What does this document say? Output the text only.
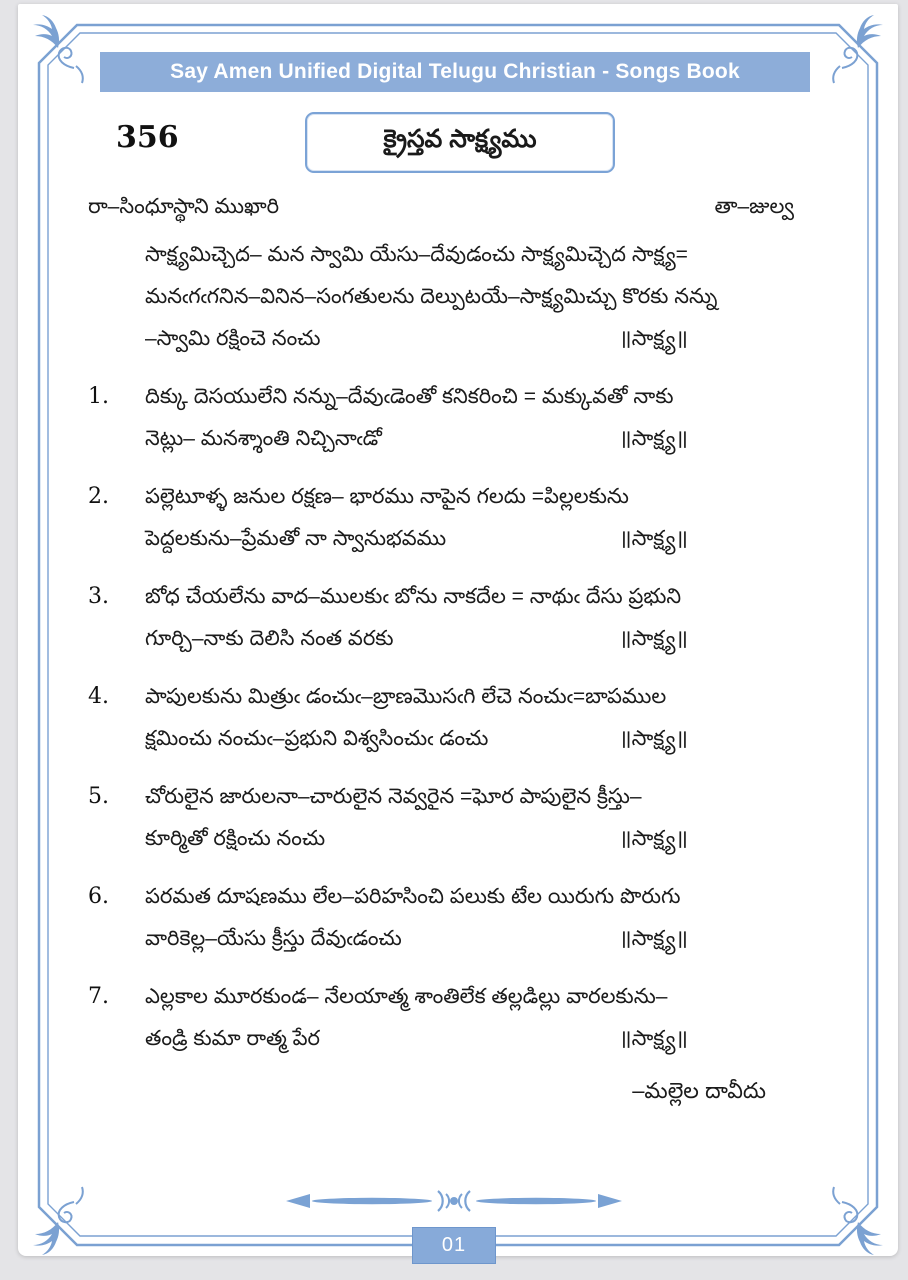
Say Amen Unified Digital Telugu Christian - Songs Book
356	క్రైస్తవ సాక్ష్యము
రా–సింధూస్థాని ముఖారి	తా–జుల్వ
సాక్ష్యమిచ్చెద– మన స్వామి యేసు–దేవుడంచు సాక్ష్యమిచ్చెద సాక్ష్య=
మనఁగఁగనిన–వినిన–సంగతులను దెల్పుటయే–సాక్ష్యమిచ్చు కొరకు నన్ను
–స్వామి రక్షించె నంచు	॥సాక్ష్య॥
1.	దిక్కు దెసయులేని నన్ను–దేవుఁడెంతో కనికరించి = మక్కువతో నాకు
నెట్లు– మనశ్శాంతి నిచ్చినాఁడో	॥సాక్ష్య॥
2.	పల్లెటూళ్ళ జనుల రక్షణ– భారము నాపైన గలదు =పిల్లలకును
పెద్దలకును–ప్రేమతో నా స్వానుభవము	॥సాక్ష్య॥
3.	బోధ చేయలేను వాద–ములకుఁ బోను నాకదేల = నాథుఁ దేసు ప్రభుని
గూర్చి–నాకు దెలిసి నంత వరకు	॥సాక్ష్య॥
4.	పాపులకును మిత్రుఁ డంచుఁ–బ్రాణమొసఁగి లేచె నంచుఁ=బాపముల
క్షమించు నంచుఁ–ప్రభుని విశ్వసించుఁ డంచు	॥సాక్ష్య॥
5.	చోరులైన జారులనా–చారులైన నెవ్వరైన =ఘోర పాపులైన క్రీస్తు–
కూర్మితో రక్షించు నంచు	॥సాక్ష్య॥
6.	పరమత దూషణము లేల–పరిహసించి పలుకు టేల యిరుగు పొరుగు
వారికెల్ల–యేసు క్రీస్తు దేవుఁడంచు	॥సాక్ష్య॥
7.	ఎల్లకాల మూరకుండ– నేలయాత్మ శాంతిలేక తల్లడిల్లు వారలకును–
తండ్రి కుమా రాత్మ పేర	॥సాక్ష్య॥
–మల్లెల దావీదు
01
